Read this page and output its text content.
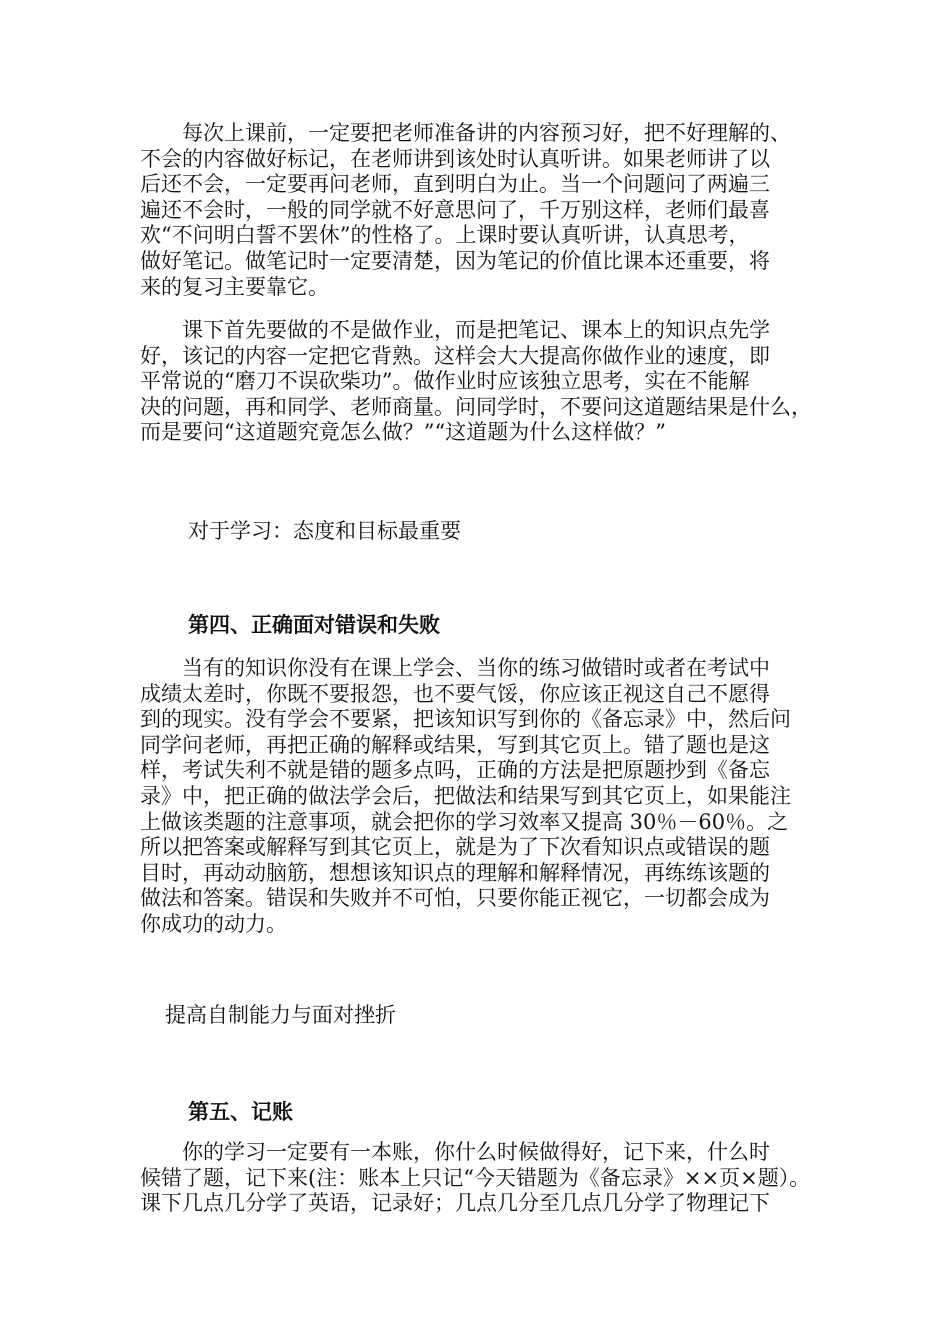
　　每次上课前，一定要把老师准备讲的内容预习好，把不好理解的、
不会的内容做好标记，在老师讲到该处时认真听讲。如果老师讲了以
后还不会，一定要再问老师，直到明白为止。当一个问题问了两遍三
遍还不会时，一般的同学就不好意思问了，千万别这样，老师们最喜
欢“不问明白誓不罢休”的性格了。上课时要认真听讲，认真思考，
做好笔记。做笔记时一定要清楚，因为笔记的价值比课本还重要，将
来的复习主要靠它。
　　课下首先要做的不是做作业，而是把笔记、课本上的知识点先学
好，该记的内容一定把它背熟。这样会大大提高你做作业的速度，即
平常说的“磨刀不误砍柴功”。做作业时应该独立思考，实在不能解
决的问题，再和同学、老师商量。问同学时，不要问这道题结果是什么，
而是要问“这道题究竟怎么做？”“这道题为什么这样做？”
对于学习：态度和目标最重要
第四、正确面对错误和失败
　　当有的知识你没有在课上学会、当你的练习做错时或者在考试中
成绩太差时，你既不要报怨，也不要气馁，你应该正视这自己不愿得
到的现实。没有学会不要紧，把该知识写到你的《备忘录》中，然后问
同学问老师，再把正确的解释或结果，写到其它页上。错了题也是这
样，考试失利不就是错的题多点吗，正确的方法是把原题抄到《备忘
录》中，把正确的做法学会后，把做法和结果写到其它页上，如果能注
上做该类题的注意事项，就会把你的学习效率又提高 30％－60％。之
所以把答案或解释写到其它页上，就是为了下次看知识点或错误的题
目时，再动动脑筋，想想该知识点的理解和解释情况，再练练该题的
做法和答案。错误和失败并不可怕，只要你能正视它，一切都会成为
你成功的动力。
提高自制能力与面对挫折
第五、记账
　　你的学习一定要有一本账，你什么时候做得好，记下来，什么时
候错了题，记下来(注：账本上只记“今天错题为《备忘录》××页×题）。
课下几点几分学了英语，记录好；几点几分至几点几分学了物理记下
